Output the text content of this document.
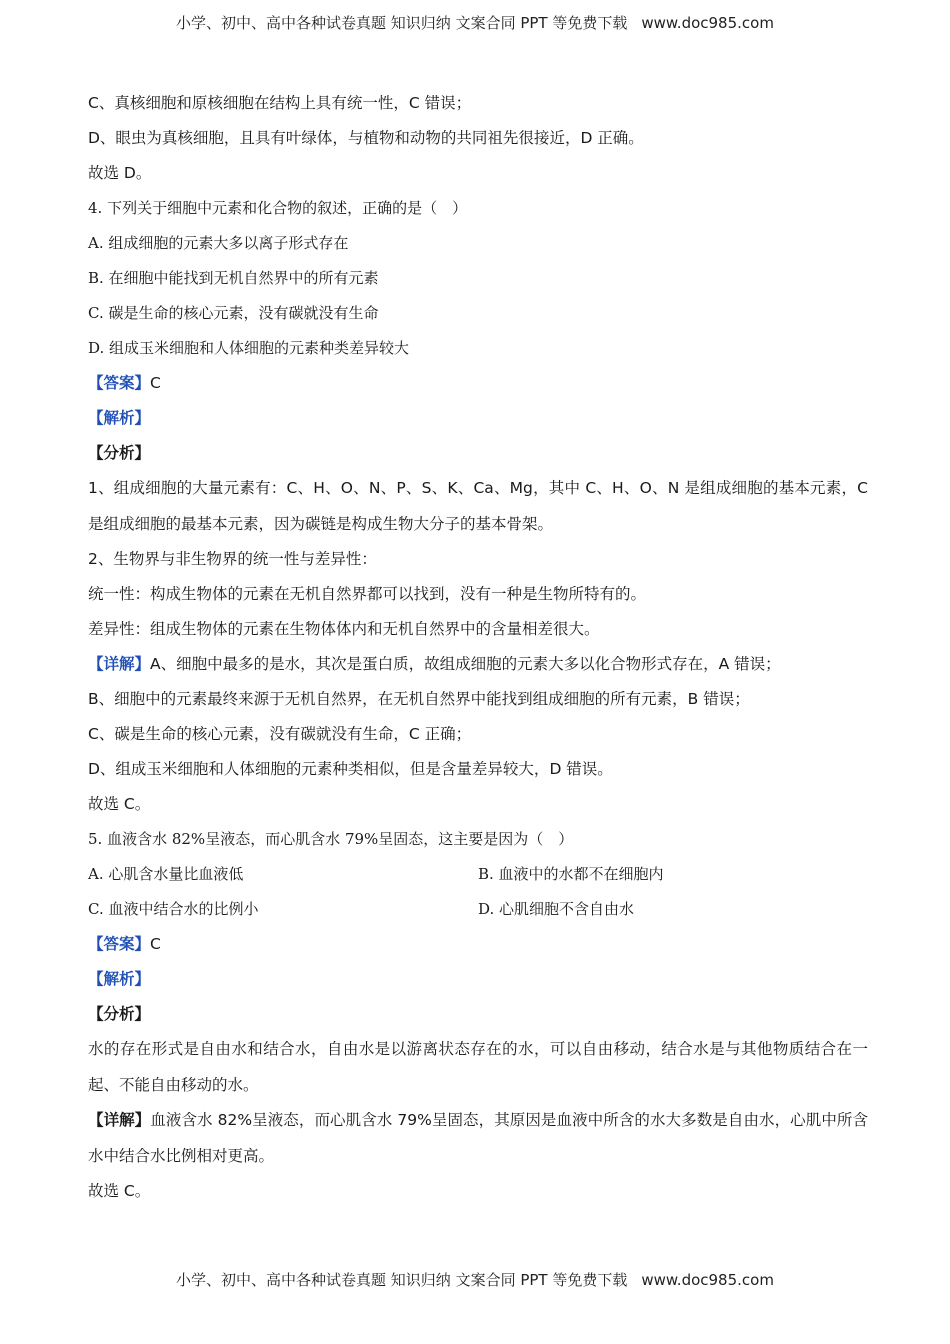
小学、初中、高中各种试卷真题 知识归纳 文案合同 PPT 等免费下载 www.doc985.com
C、真核细胞和原核细胞在结构上具有统一性，C 错误；
D、眼虫为真核细胞，且具有叶绿体，与植物和动物的共同祖先很接近，D 正确。
故选 D。
4. 下列关于细胞中元素和化合物的叙述，正确的是（　）
A. 组成细胞的元素大多以离子形式存在
B. 在细胞中能找到无机自然界中的所有元素
C. 碳是生命的核心元素，没有碳就没有生命
D. 组成玉米细胞和人体细胞的元素种类差异较大
【答案】C
【解析】
【分析】
1、组成细胞的大量元素有：C、H、O、N、P、S、K、Ca、Mg，其中 C、H、O、N 是组成细胞的基本元素，C 是组成细胞的最基本元素，因为碳链是构成生物大分子的基本骨架。
2、生物界与非生物界的统一性与差异性：
统一性：构成生物体的元素在无机自然界都可以找到，没有一种是生物所特有的。
差异性：组成生物体的元素在生物体体内和无机自然界中的含量相差很大。
【详解】A、细胞中最多的是水，其次是蛋白质，故组成细胞的元素大多以化合物形式存在，A 错误；
B、细胞中的元素最终来源于无机自然界，在无机自然界中能找到组成细胞的所有元素，B 错误；
C、碳是生命的核心元素，没有碳就没有生命，C 正确；
D、组成玉米细胞和人体细胞的元素种类相似，但是含量差异较大，D 错误。
故选 C。
5. 血液含水 82%呈液态，而心肌含水 79%呈固态，这主要是因为（　）
A. 心肌含水量比血液低	B. 血液中的水都不在细胞内
C. 血液中结合水的比例小	D. 心肌细胞不含自由水
【答案】C
【解析】
【分析】
水的存在形式是自由水和结合水，自由水是以游离状态存在的水，可以自由移动，结合水是与其他物质结合在一起、不能自由移动的水。
【详解】血液含水 82%呈液态，而心肌含水 79%呈固态，其原因是血液中所含的水大多数是自由水，心肌中所含水中结合水比例相对更高。
故选 C。
小学、初中、高中各种试卷真题 知识归纳 文案合同 PPT 等免费下载 www.doc985.com
